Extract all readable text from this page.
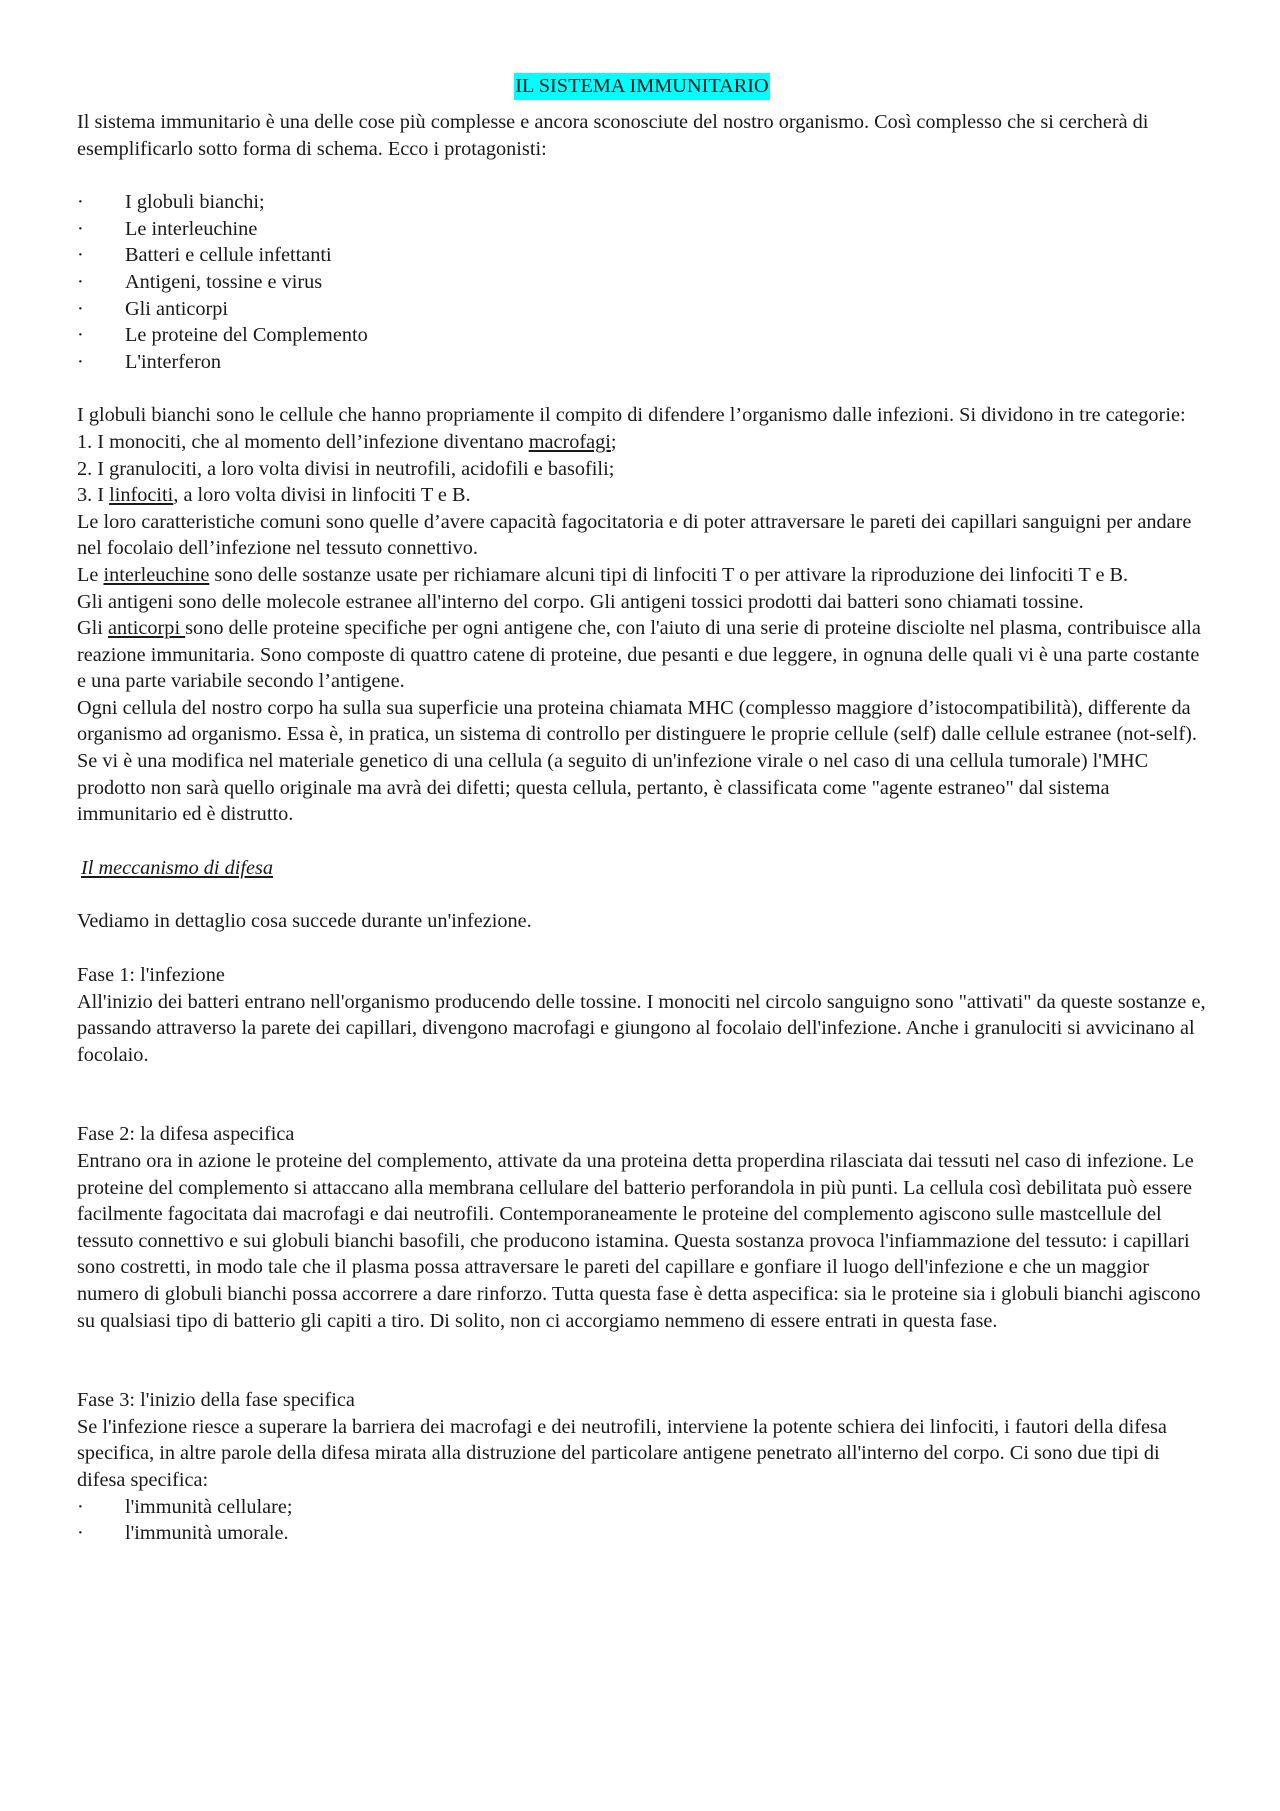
IL SISTEMA IMMUNITARIO

Il sistema immunitario è una delle cose più complesse e ancora sconosciute del nostro organismo. Così complesso che si cercherà di esemplificarlo sotto forma di schema. Ecco i protagonisti:

·	I globuli bianchi;
·	Le interleuchine
·	Batteri e cellule infettanti
·	Antigeni, tossine e virus
·	Gli anticorpi
·	Le proteine del Complemento
·	L'interferon

I globuli bianchi sono le cellule che hanno propriamente il compito di difendere l’organismo dalle infezioni. Si dividono in tre categorie:

1. I monociti, che al momento dell’infezione diventano macrofagi;

2. I granulociti, a loro volta divisi in neutrofili, acidofili e basofili;

3. I linfociti, a loro volta divisi in linfociti T e B.

Le loro caratteristiche comuni sono quelle d’avere capacità fagocitatoria e di poter attraversare le pareti dei capillari sanguigni per andare nel focolaio dell’infezione nel tessuto connettivo.

Le interleuchine sono delle sostanze usate per richiamare alcuni tipi di linfociti T o per attivare la riproduzione dei linfociti T e B.

Gli antigeni sono delle molecole estranee all'interno del corpo. Gli antigeni tossici prodotti dai batteri sono chiamati tossine.

Gli anticorpi sono delle proteine specifiche per ogni antigene che, con l'aiuto di una serie di proteine disciolte nel plasma, contribuisce alla reazione immunitaria. Sono composte di quattro catene di proteine, due pesanti e due leggere, in ognuna delle quali vi è una parte costante e una parte variabile secondo l’antigene.

Ogni cellula del nostro corpo ha sulla sua superficie una proteina chiamata MHC (complesso maggiore d’istocompatibilità), differente da organismo ad organismo. Essa è, in pratica, un sistema di controllo per distinguere le proprie cellule (self) dalle cellule estranee (not-self). Se vi è una modifica nel materiale genetico di una cellula (a seguito di un'infezione virale o nel caso di una cellula tumorale) l'MHC prodotto non sarà quello originale ma avrà dei difetti; questa cellula, pertanto, è classificata come "agente estraneo" dal sistema immunitario ed è distrutto.

Il meccanismo di difesa

Vediamo in dettaglio cosa succede durante un'infezione.

Fase 1: l'infezione

All'inizio dei batteri entrano nell'organismo producendo delle tossine. I monociti nel circolo sanguigno sono "attivati" da queste sostanze e, passando attraverso la parete dei capillari, divengono macrofagi e giungono al focolaio dell'infezione. Anche i granulociti si avvicinano al focolaio.

Fase 2: la difesa aspecifica

Entrano ora in azione le proteine del complemento, attivate da una proteina detta properdina rilasciata dai tessuti nel caso di infezione. Le proteine del complemento si attaccano alla membrana cellulare del batterio perforandola in più punti. La cellula così debilitata può essere facilmente fagocitata dai macrofagi e dai neutrofili. Contemporaneamente le proteine del complemento agiscono sulle mastcellule del tessuto connettivo e sui globuli bianchi basofili, che producono istamina. Questa sostanza provoca l'infiammazione del tessuto: i capillari sono costretti, in modo tale che il plasma possa attraversare le pareti del capillare e gonfiare il luogo dell'infezione e che un maggior numero di globuli bianchi possa accorrere a dare rinforzo. Tutta questa fase è detta aspecifica: sia le proteine sia i globuli bianchi agiscono su qualsiasi tipo di batterio gli capiti a tiro. Di solito, non ci accorgiamo nemmeno di essere entrati in questa fase.

Fase 3: l'inizio della fase specifica

Se l'infezione riesce a superare la barriera dei macrofagi e dei neutrofili, interviene la potente schiera dei linfociti, i fautori della difesa specifica, in altre parole della difesa mirata alla distruzione del particolare antigene penetrato all'interno del corpo. Ci sono due tipi di difesa specifica:

·	l'immunità cellulare;
·	l'immunità umorale.
